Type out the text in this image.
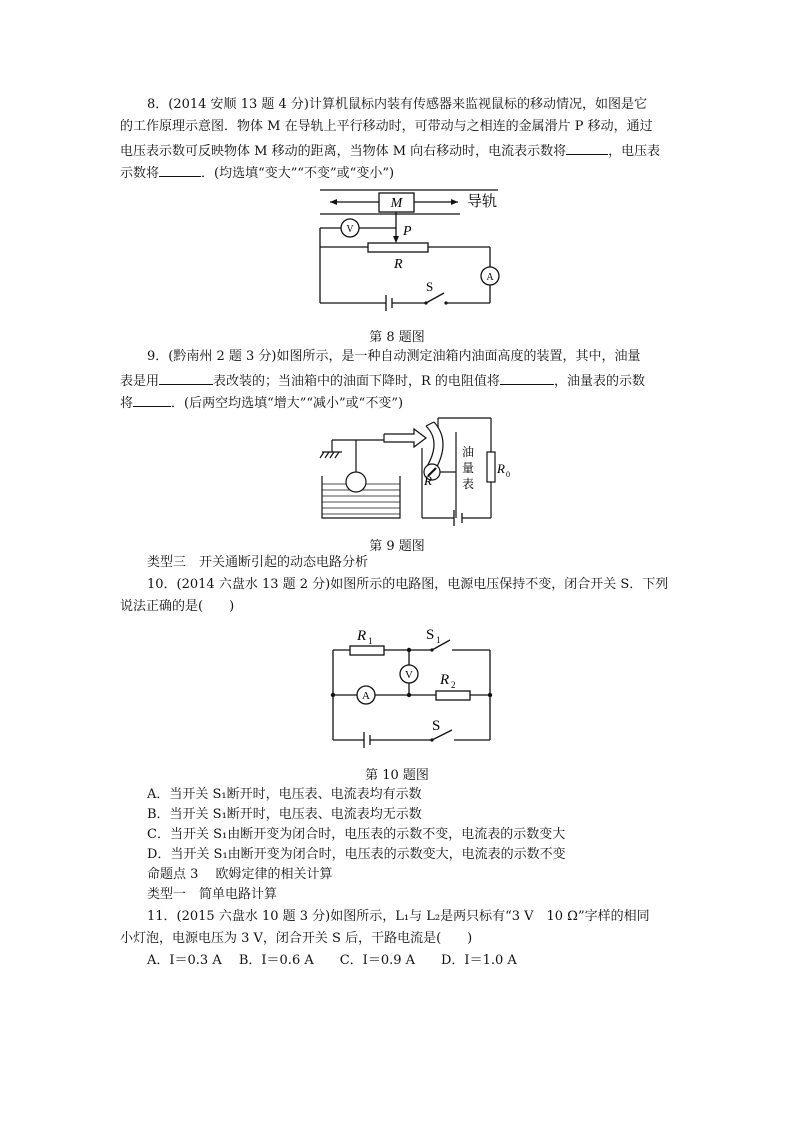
8．(2014 安顺 13 题 4 分)计算机鼠标内装有传感器来监视鼠标的移动情况，如图是它
的工作原理示意图．物体 M 在导轨上平行移动时，可带动与之相连的金属滑片 P 移动，通过
电压表示数可反映物体 M 移动的距离，当物体 M 向右移动时，电流表示数将	，电压表
示数将	．(均选填“变大”“不变”或“变小”)
M	导轨
V	P
R
A
S
第 8 题图
9．(黔南州 2 题 3 分)如图所示，是一种自动测定油箱内油面高度的装置，其中，油量
表是用	表改装的；当油箱中的油面下降时，R 的电阻值将	，油量表的示数
将	．(后两空均选填“增大”“减小”或“不变”)
R
油
量
表
R 0
第 9 题图
类型三　开关通断引起的动态电路分析
10．(2014 六盘水 13 题 2 分)如图所示的电路图，电源电压保持不变，闭合开关 S．下列
说法正确的是(　　)
R 1	S 1
V
A
R 2
S
第 10 题图
A．当开关 S₁断开时，电压表、电流表均有示数
B．当开关 S₁断开时，电压表、电流表均无示数
C．当开关 S₁由断开变为闭合时，电压表的示数不变，电流表的示数变大
D．当开关 S₁由断开变为闭合时，电压表的示数变大，电流表的示数不变
命题点 3　 欧姆定律的相关计算
类型一　简单电路计算
11．(2015 六盘水 10 题 3 分)如图所示，L₁与 L₂是两只标有“3 V　10 Ω”字样的相同
小灯泡，电源电压为 3 V，闭合开关 S 后，干路电流是(　　)
A．I＝0.3 A　 B．I＝0.6 A　　C．I＝0.9 A　　D．I＝1.0 A
